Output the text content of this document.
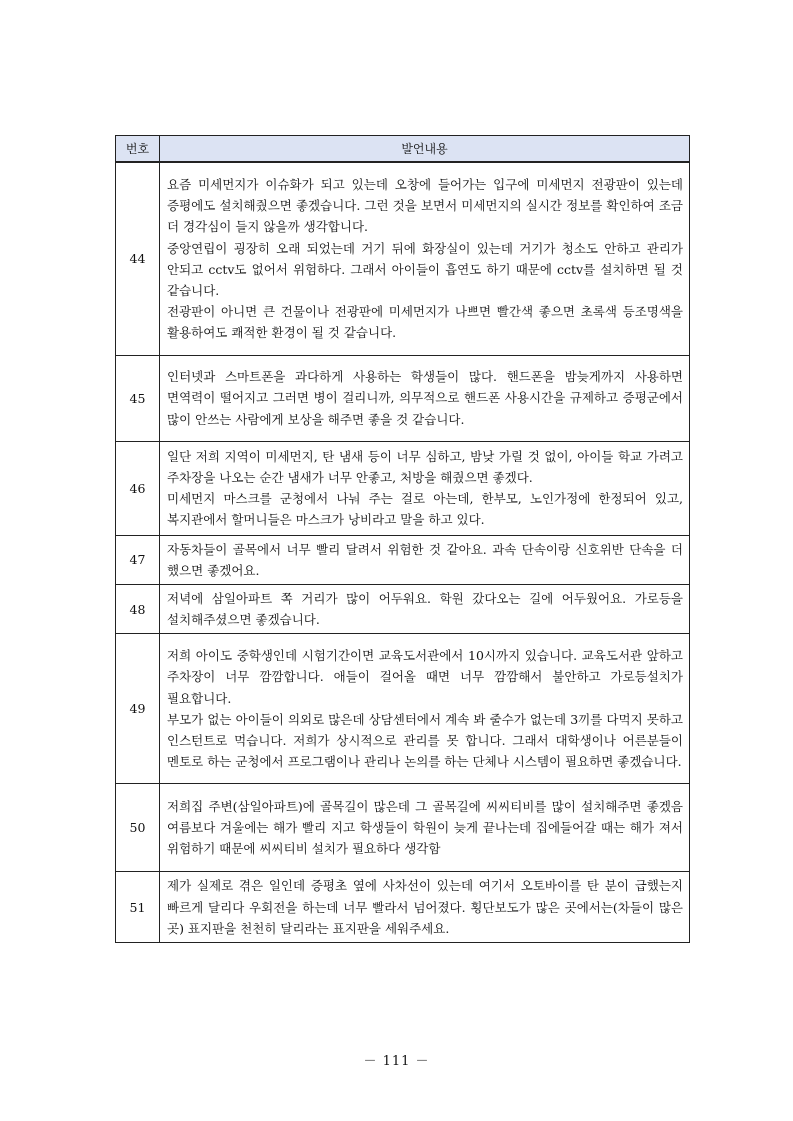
번호	발언내용
44	요즘 미세먼지가 이슈화가 되고 있는데 오창에 들어가는 입구에 미세먼지 전광판이 있는데 증평에도 설치해줬으면 좋겠습니다. 그런 것을 보면서 미세먼지의 실시간 정보를 확인하여 조금 더 경각심이 들지 않을까 생각합니다.
중앙연립이 굉장히 오래 되었는데 거기 뒤에 화장실이 있는데 거기가 청소도 안하고 관리가 안되고 cctv도 없어서 위험하다. 그래서 아이들이 흡연도 하기 때문에 cctv를 설치하면 될 것 같습니다.
전광판이 아니면 큰 건물이나 전광판에 미세먼지가 나쁘면 빨간색 좋으면 초록색 등조명색을 활용하여도 쾌적한 환경이 될 것 같습니다.

45	인터넷과 스마트폰을 과다하게 사용하는 학생들이 많다. 핸드폰을 밤늦게까지 사용하면 면역력이 떨어지고 그러면 병이 걸리니까, 의무적으로 핸드폰 사용시간을 규제하고 증평군에서 많이 안쓰는 사람에게 보상을 해주면 좋을 것 같습니다.

46	일단 저희 지역이 미세먼지, 탄 냄새 등이 너무 심하고, 밤낮 가릴 것 없이, 아이들 학교 가려고 주차장을 나오는 순간 냄새가 너무 안좋고, 처방을 해줬으면 좋겠다.
미세먼지 마스크를 군청에서 나눠 주는 걸로 아는데, 한부모, 노인가정에 한정되어 있고, 복지관에서 할머니들은 마스크가 낭비라고 말을 하고 있다.

47	자동차들이 골목에서 너무 빨리 달려서 위험한 것 같아요. 과속 단속이랑 신호위반 단속을 더 했으면 좋겠어요.

48	저녁에 삼일아파트 쪽 거리가 많이 어두워요. 학원 갔다오는 길에 어두웠어요. 가로등을 설치해주셨으면 좋겠습니다.

49	저희 아이도 중학생인데 시험기간이면 교육도서관에서 10시까지 있습니다. 교육도서관 앞하고 주차장이 너무 깜깜합니다. 애들이 걸어올 때면 너무 깜깜해서 불안하고 가로등설치가 필요합니다.
부모가 없는 아이들이 의외로 많은데 상담센터에서 계속 봐 줄수가 없는데 3끼를 다먹지 못하고 인스턴트로 먹습니다. 저희가 상시적으로 관리를 못 합니다. 그래서 대학생이나 어른분들이 멘토로 하는 군청에서 프로그램이나 관리나 논의를 하는 단체나 시스템이 필요하면 좋겠습니다.

50	저희집 주변(삼일아파트)에 골목길이 많은데 그 골목길에 씨씨티비를 많이 설치해주면 좋겠음 여름보다 겨울에는 해가 빨리 지고 학생들이 학원이 늦게 끝나는데 집에들어갈 때는 해가 져서 위험하기 때문에 씨씨티비 설치가 필요하다 생각함

51	제가 실제로 겪은 일인데 증평초 옆에 사차선이 있는데 여기서 오토바이를 탄 분이 급했는지 빠르게 달리다 우회전을 하는데 너무 빨라서 넘어졌다. 횡단보도가 많은 곳에서는(차들이 많은 곳) 표지판을 천천히 달리라는 표지판을 세워주세요.
－ 111 －
